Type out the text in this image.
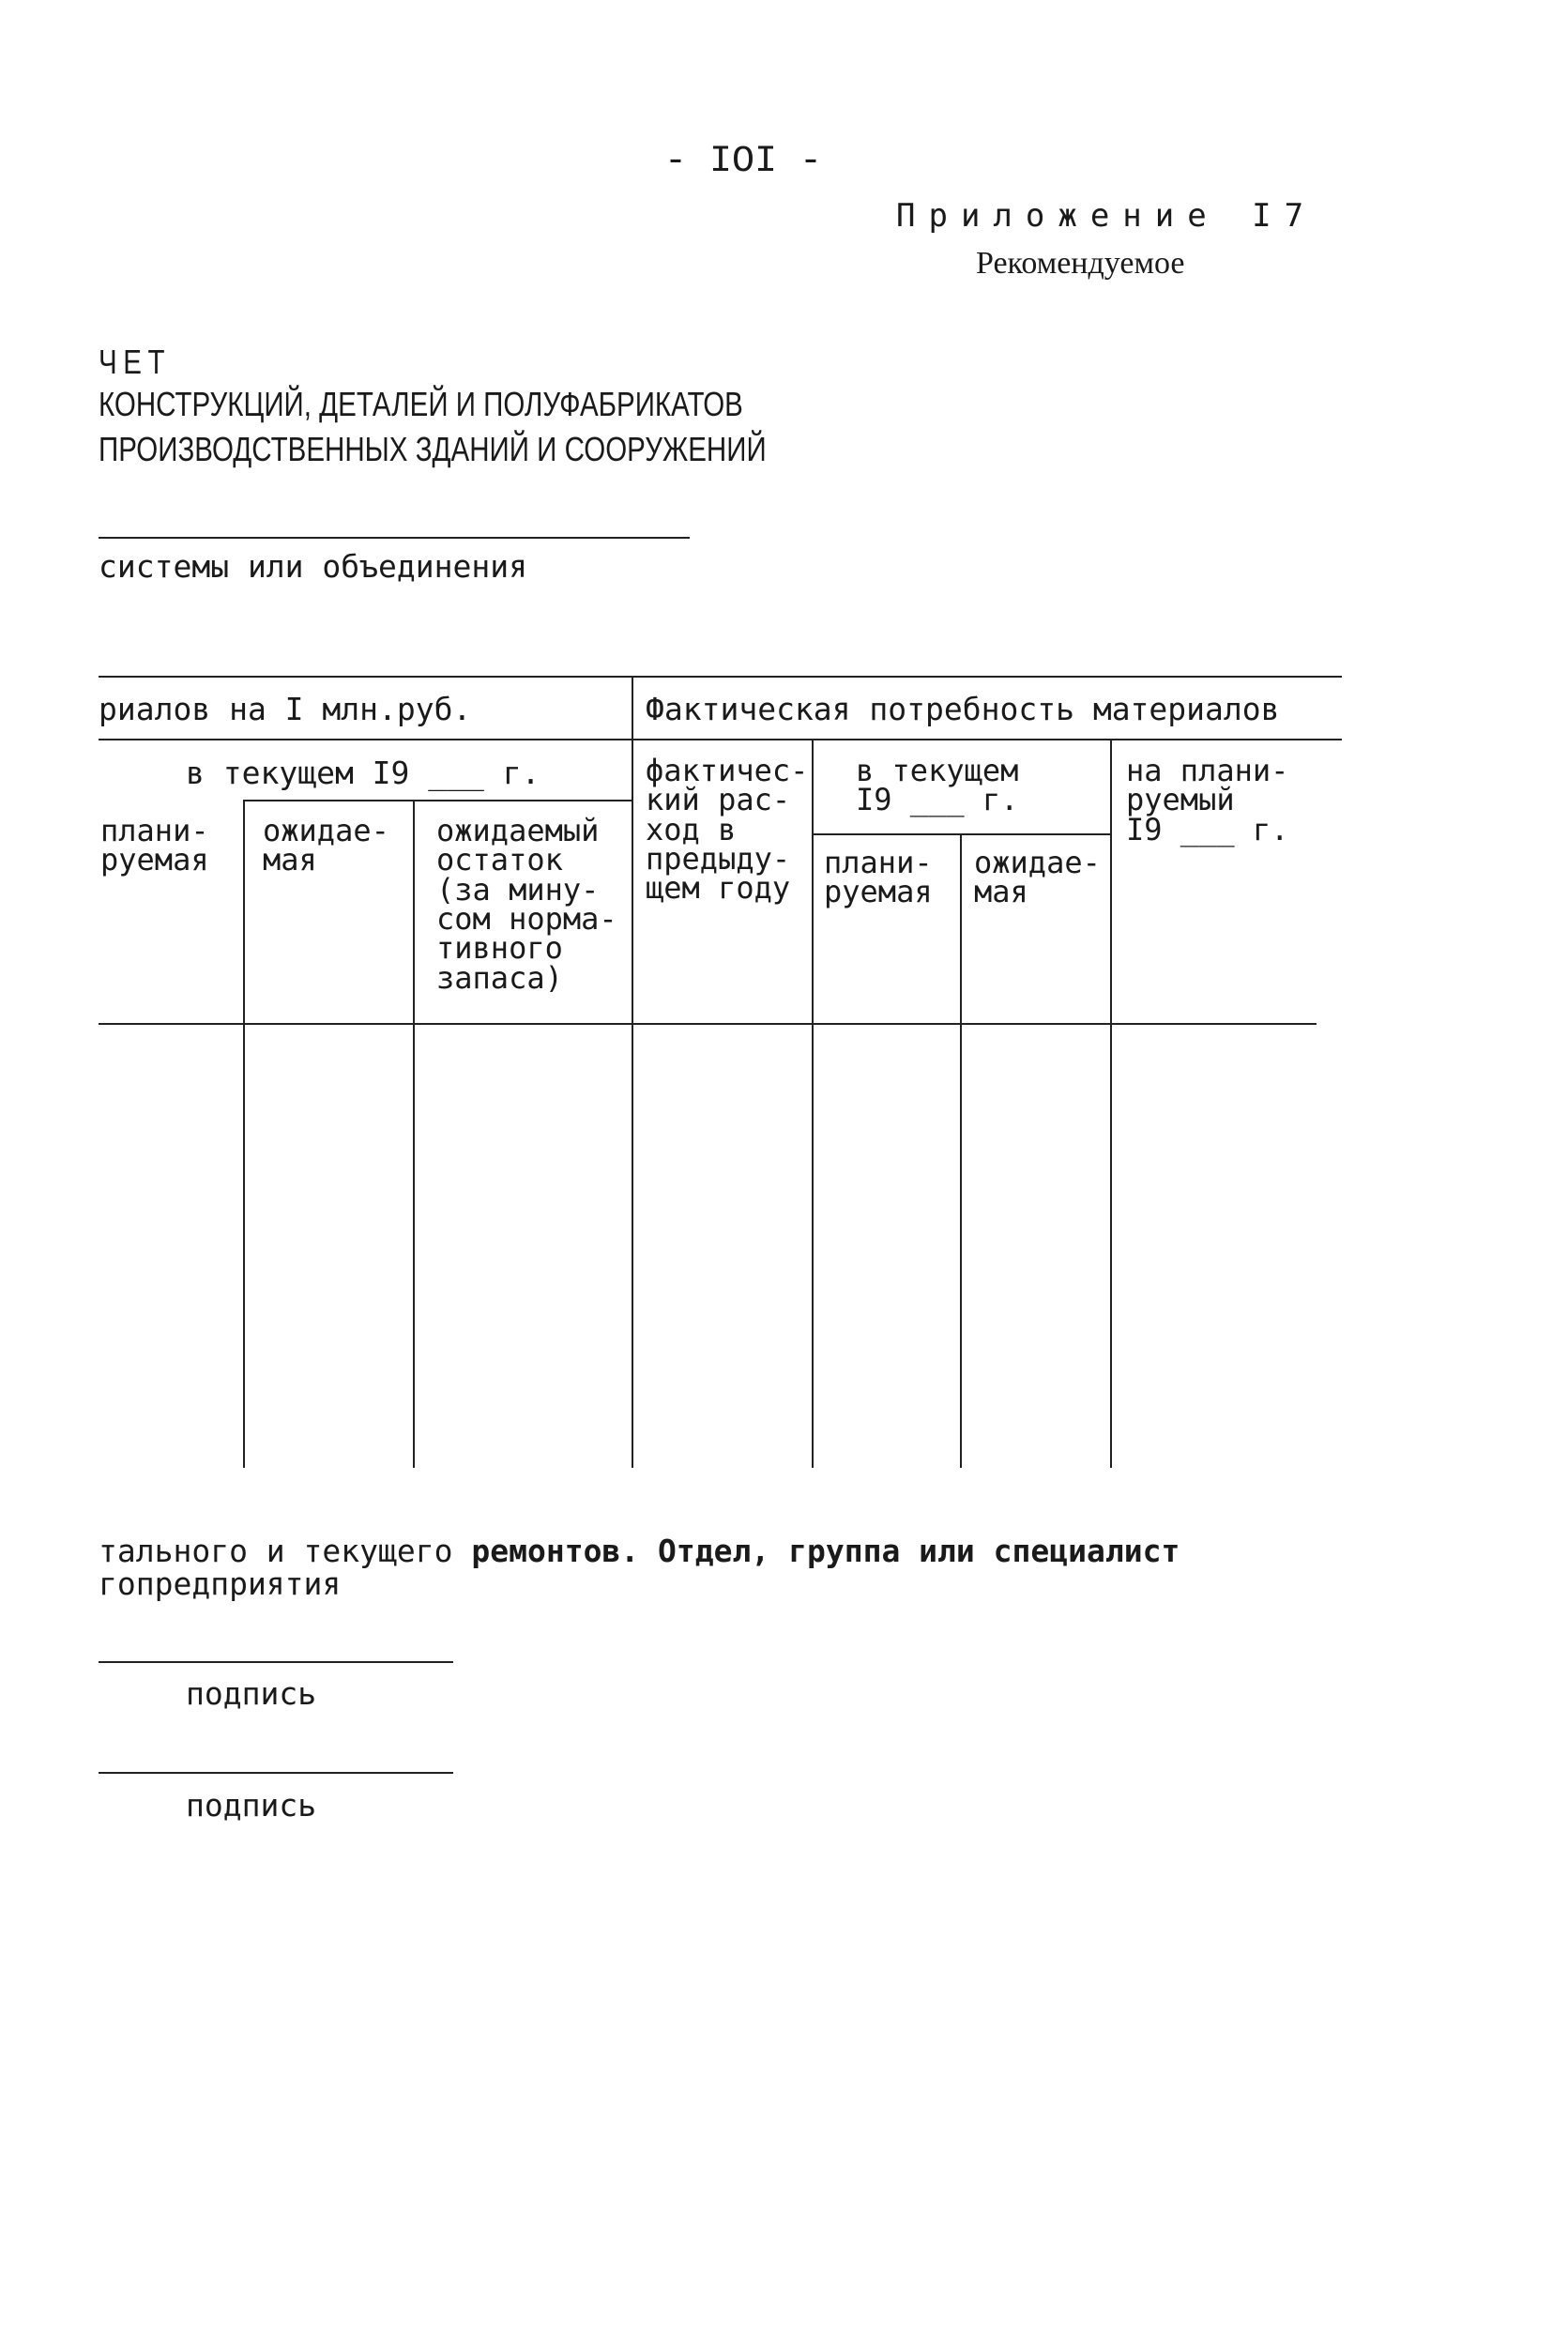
- IOI -
Приложение I7
Рекомендуемое
ЧЕТ
КОНСТРУКЦИЙ, ДЕТАЛЕЙ И ПОЛУФАБРИКАТОВ
ПРОИЗВОДСТВЕННЫХ ЗДАНИЙ И СООРУЖЕНИЙ
системы или объединения
риалов на I млн.руб.	Фактическая потребность материалов
в текущем I9 ___ г.
плани-
руемая
ожидае-
мая
ожидаемый
остаток
(за мину-
сом норма-
тивного
запаса)
фактичес-
кий рас-
ход в
предыду-
щем году
в текущем
I9 ___ г.
плани-
руемая
ожидае-
мая
на плани-
руемый
I9 ___ г.
тального и текущего ремонтов. Отдел, группа или специалист
гопредприятия
подпись
подпись
